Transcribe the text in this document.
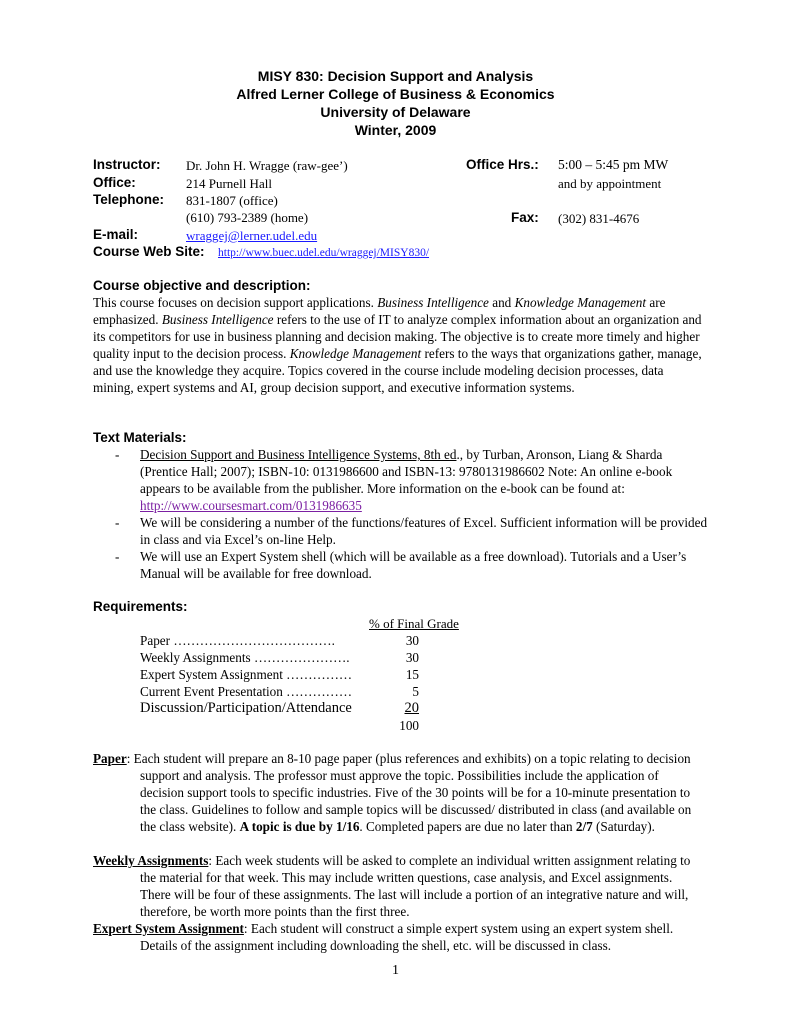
MISY 830: Decision Support and Analysis
Alfred Lerner College of Business & Economics
University of Delaware
Winter, 2009
Instructor: Dr. John H. Wragge (raw-gee’)	Office Hrs.: 5:00 – 5:45 pm MW
and by appointment
Office:	214 Purnell Hall
Telephone: 831-1807 (office)
(610) 793-2389 (home)	Fax: (302) 831-4676
E-mail:	wraggej@lerner.udel.edu
Course Web Site: http://www.buec.udel.edu/wraggej/MISY830/
Course objective and description:
This course focuses on decision support applications. Business Intelligence and Knowledge Management are emphasized. Business Intelligence refers to the use of IT to analyze complex information about an organization and its competitors for use in business planning and decision making. The objective is to create more timely and higher quality input to the decision process. Knowledge Management refers to the ways that organizations gather, manage, and use the knowledge they acquire. Topics covered in the course include modeling decision processes, data mining, expert systems and AI, group decision support, and executive information systems.
Text Materials:
- Decision Support and Business Intelligence Systems, 8th ed., by Turban, Aronson, Liang & Sharda (Prentice Hall; 2007); ISBN-10: 0131986600 and ISBN-13: 9780131986602 Note: An online e-book appears to be available from the publisher. More information on the e-book can be found at: http://www.coursesmart.com/0131986635
- We will be considering a number of the functions/features of Excel. Sufficient information will be provided in class and via Excel’s on-line Help.
- We will use an Expert System shell (which will be available as a free download). Tutorials and a User’s Manual will be available for free download.
Requirements:
% of Final Grade
Paper ……………………………….	30
Weekly Assignments ………………….	30
Expert System Assignment ……………	15
Current Event Presentation ……………	5
Discussion/Participation/Attendance	20
100
Paper: Each student will prepare an 8-10 page paper (plus references and exhibits) on a topic relating to decision support and analysis. The professor must approve the topic. Possibilities include the application of decision support tools to specific industries. Five of the 30 points will be for a 10-minute presentation to the class. Guidelines to follow and sample topics will be discussed/ distributed in class (and available on the class website). A topic is due by 1/16. Completed papers are due no later than 2/7 (Saturday).
Weekly Assignments: Each week students will be asked to complete an individual written assignment relating to the material for that week. This may include written questions, case analysis, and Excel assignments. There will be four of these assignments. The last will include a portion of an integrative nature and will, therefore, be worth more points than the first three.
Expert System Assignment: Each student will construct a simple expert system using an expert system shell. Details of the assignment including downloading the shell, etc. will be discussed in class.
1
